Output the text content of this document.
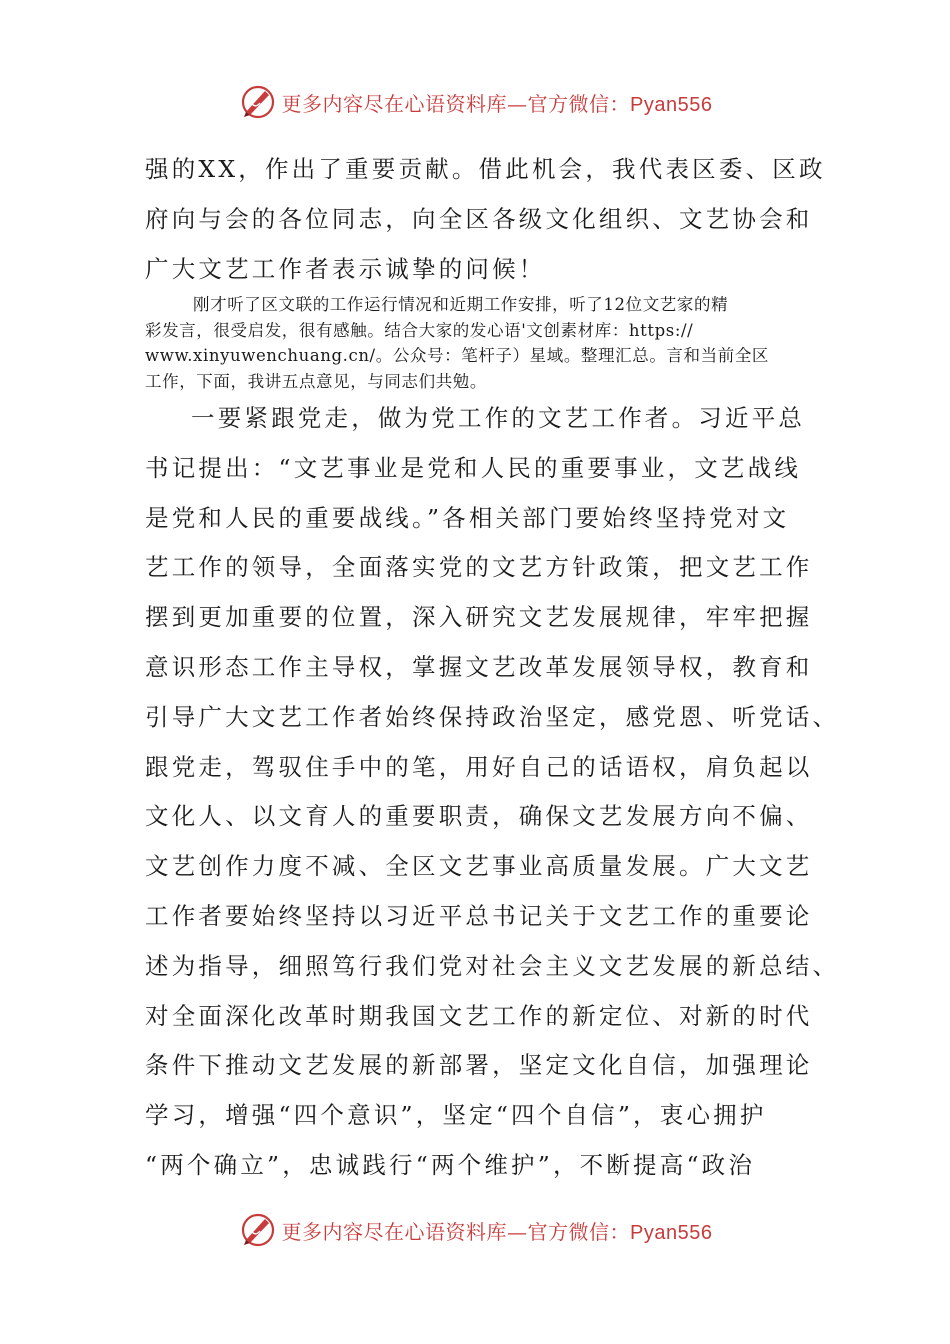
更多内容尽在心语资料库—官方微信：Pyan556
强的XX，作出了重要贡献。借此机会，我代表区委、区政
府向与会的各位同志，向全区各级文化组织、文艺协会和
广大文艺工作者表示诚挚的问候！
刚才听了区文联的工作运行情况和近期工作安排，听了12位文艺家的精
彩发言，很受启发，很有感触。结合大家的发心语'文创素材库：https://
www.xinyuwenchuang.cn/。公众号：笔杆子）星域。整理汇总。言和当前全区
工作，下面，我讲五点意见，与同志们共勉。
一要紧跟党走，做为党工作的文艺工作者。习近平总
书记提出：“文艺事业是党和人民的重要事业，文艺战线
是党和人民的重要战线。”各相关部门要始终坚持党对文
艺工作的领导，全面落实党的文艺方针政策，把文艺工作
摆到更加重要的位置，深入研究文艺发展规律，牢牢把握
意识形态工作主导权，掌握文艺改革发展领导权，教育和
引导广大文艺工作者始终保持政治坚定，感党恩、听党话、
跟党走，驾驭住手中的笔，用好自己的话语权，肩负起以
文化人、以文育人的重要职责，确保文艺发展方向不偏、
文艺创作力度不减、全区文艺事业高质量发展。广大文艺
工作者要始终坚持以习近平总书记关于文艺工作的重要论
述为指导，细照笃行我们党对社会主义文艺发展的新总结、
对全面深化改革时期我国文艺工作的新定位、对新的时代
条件下推动文艺发展的新部署，坚定文化自信，加强理论
学习，增强“四个意识”，坚定“四个自信”，衷心拥护
“两个确立”，忠诚践行“两个维护”，不断提高“政治
更多内容尽在心语资料库—官方微信：Pyan556
